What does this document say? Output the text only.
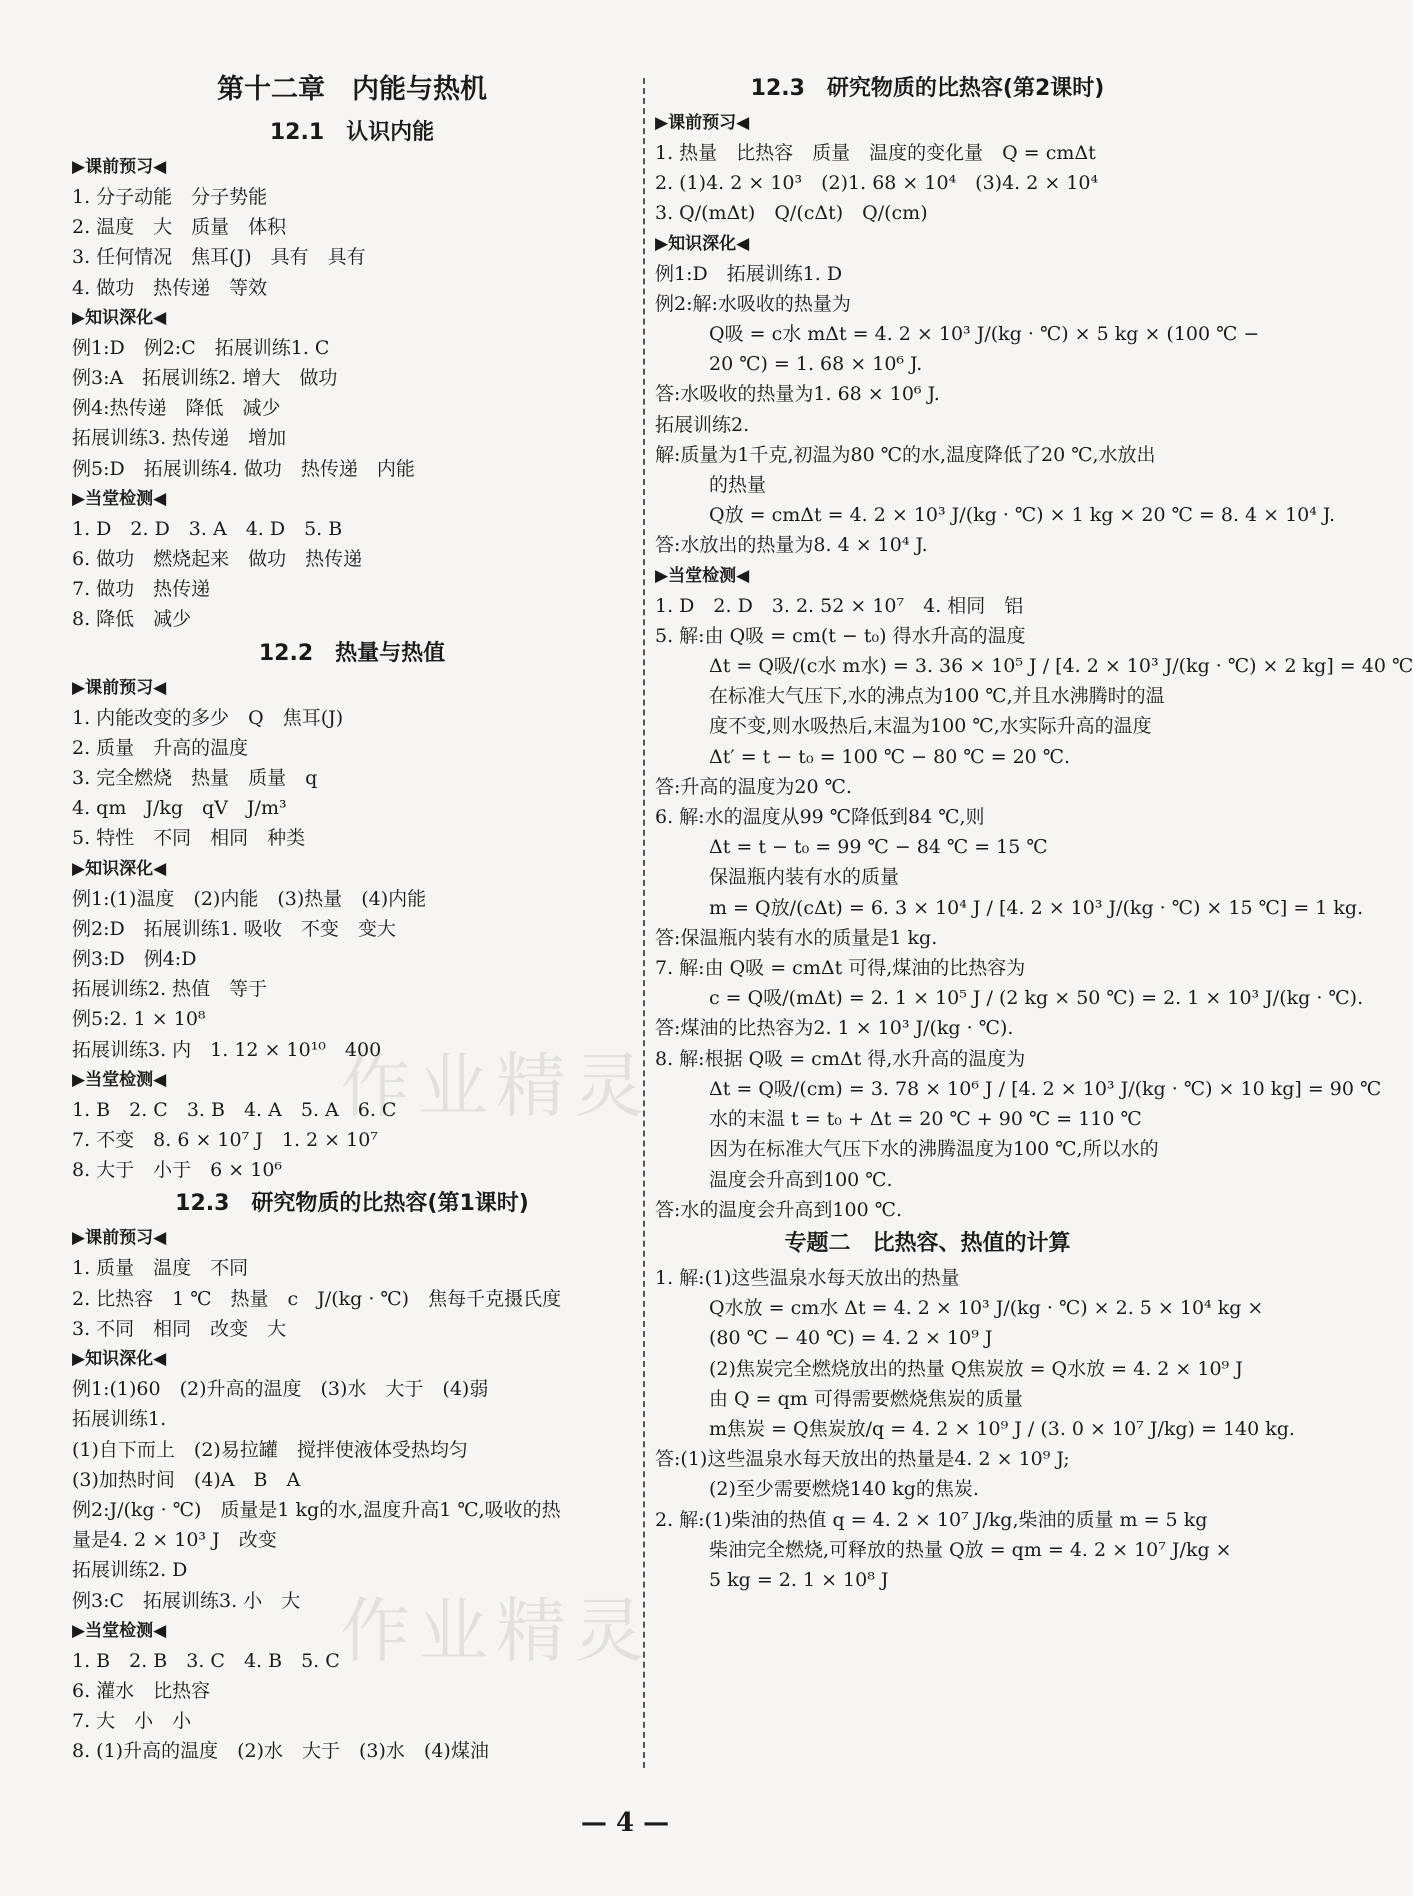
作业精灵
作业精灵
第十二章　内能与热机
12.1　认识内能
▶课前预习◀
1. 分子动能　分子势能
2. 温度　大　质量　体积
3. 任何情况　焦耳(J)　具有　具有
4. 做功　热传递　等效
▶知识深化◀
例1:D　例2:C　拓展训练1. C
例3:A　拓展训练2. 增大　做功
例4:热传递　降低　减少
拓展训练3. 热传递　增加
例5:D　拓展训练4. 做功　热传递　内能
▶当堂检测◀
1. D　2. D　3. A　4. D　5. B
6. 做功　燃烧起来　做功　热传递
7. 做功　热传递
8. 降低　减少
12.2　热量与热值
▶课前预习◀
1. 内能改变的多少　Q　焦耳(J)
2. 质量　升高的温度
3. 完全燃烧　热量　质量　q
4. qm　J/kg　qV　J/m³
5. 特性　不同　相同　种类
▶知识深化◀
例1:(1)温度　(2)内能　(3)热量　(4)内能
例2:D　拓展训练1. 吸收　不变　变大
例3:D　例4:D
拓展训练2. 热值　等于
例5:2. 1 × 10⁸
拓展训练3. 内　1. 12 × 10¹⁰　400
▶当堂检测◀
1. B　2. C　3. B　4. A　5. A　6. C
7. 不变　8. 6 × 10⁷ J　1. 2 × 10⁷
8. 大于　小于　6 × 10⁶
12.3　研究物质的比热容(第1课时)
▶课前预习◀
1. 质量　温度　不同
2. 比热容　1 ℃　热量　c　J/(kg · ℃)　焦每千克摄氏度
3. 不同　相同　改变　大
▶知识深化◀
例1:(1)60　(2)升高的温度　(3)水　大于　(4)弱
拓展训练1.
(1)自下而上　(2)易拉罐　搅拌使液体受热均匀
(3)加热时间　(4)A　B　A
例2:J/(kg · ℃)　质量是1 kg的水,温度升高1 ℃,吸收的热
量是4. 2 × 10³ J　改变
拓展训练2. D
例3:C　拓展训练3. 小　大
▶当堂检测◀
1. B　2. B　3. C　4. B　5. C
6. 灌水　比热容
7. 大　小　小
8. (1)升高的温度　(2)水　大于　(3)水　(4)煤油
12.3　研究物质的比热容(第2课时)
▶课前预习◀
1. 热量　比热容　质量　温度的变化量　Q = cmΔt
2. (1)4. 2 × 10³　(2)1. 68 × 10⁴　(3)4. 2 × 10⁴
3. Q/(mΔt)　Q/(cΔt)　Q/(cm)
▶知识深化◀
例1:D　拓展训练1. D
例2:解:水吸收的热量为
Q吸 = c水 mΔt = 4. 2 × 10³ J/(kg · ℃) × 5 kg × (100 ℃ −
20 ℃) = 1. 68 × 10⁶ J.
答:水吸收的热量为1. 68 × 10⁶ J.
拓展训练2.
解:质量为1千克,初温为80 ℃的水,温度降低了20 ℃,水放出
的热量
Q放 = cmΔt = 4. 2 × 10³ J/(kg · ℃) × 1 kg × 20 ℃ = 8. 4 × 10⁴ J.
答:水放出的热量为8. 4 × 10⁴ J.
▶当堂检测◀
1. D　2. D　3. 2. 52 × 10⁷　4. 相同　铝
5. 解:由 Q吸 = cm(t − t₀) 得水升高的温度
Δt = Q吸/(c水 m水) = 3. 36 × 10⁵ J / [4. 2 × 10³ J/(kg · ℃) × 2 kg] = 40 ℃
在标准大气压下,水的沸点为100 ℃,并且水沸腾时的温
度不变,则水吸热后,末温为100 ℃,水实际升高的温度
Δt′ = t − t₀ = 100 ℃ − 80 ℃ = 20 ℃.
答:升高的温度为20 ℃.
6. 解:水的温度从99 ℃降低到84 ℃,则
Δt = t − t₀ = 99 ℃ − 84 ℃ = 15 ℃
保温瓶内装有水的质量
m = Q放/(cΔt) = 6. 3 × 10⁴ J / [4. 2 × 10³ J/(kg · ℃) × 15 ℃] = 1 kg.
答:保温瓶内装有水的质量是1 kg.
7. 解:由 Q吸 = cmΔt 可得,煤油的比热容为
c = Q吸/(mΔt) = 2. 1 × 10⁵ J / (2 kg × 50 ℃) = 2. 1 × 10³ J/(kg · ℃).
答:煤油的比热容为2. 1 × 10³ J/(kg · ℃).
8. 解:根据 Q吸 = cmΔt 得,水升高的温度为
Δt = Q吸/(cm) = 3. 78 × 10⁶ J / [4. 2 × 10³ J/(kg · ℃) × 10 kg] = 90 ℃
水的末温 t = t₀ + Δt = 20 ℃ + 90 ℃ = 110 ℃
因为在标准大气压下水的沸腾温度为100 ℃,所以水的
温度会升高到100 ℃.
答:水的温度会升高到100 ℃.
专题二　比热容、热值的计算
1. 解:(1)这些温泉水每天放出的热量
Q水放 = cm水 Δt = 4. 2 × 10³ J/(kg · ℃) × 2. 5 × 10⁴ kg ×
(80 ℃ − 40 ℃) = 4. 2 × 10⁹ J
(2)焦炭完全燃烧放出的热量 Q焦炭放 = Q水放 = 4. 2 × 10⁹ J
由 Q = qm 可得需要燃烧焦炭的质量
m焦炭 = Q焦炭放/q = 4. 2 × 10⁹ J / (3. 0 × 10⁷ J/kg) = 140 kg.
答:(1)这些温泉水每天放出的热量是4. 2 × 10⁹ J;
(2)至少需要燃烧140 kg的焦炭.
2. 解:(1)柴油的热值 q = 4. 2 × 10⁷ J/kg,柴油的质量 m = 5 kg
柴油完全燃烧,可释放的热量 Q放 = qm = 4. 2 × 10⁷ J/kg ×
5 kg = 2. 1 × 10⁸ J
— 4 —
